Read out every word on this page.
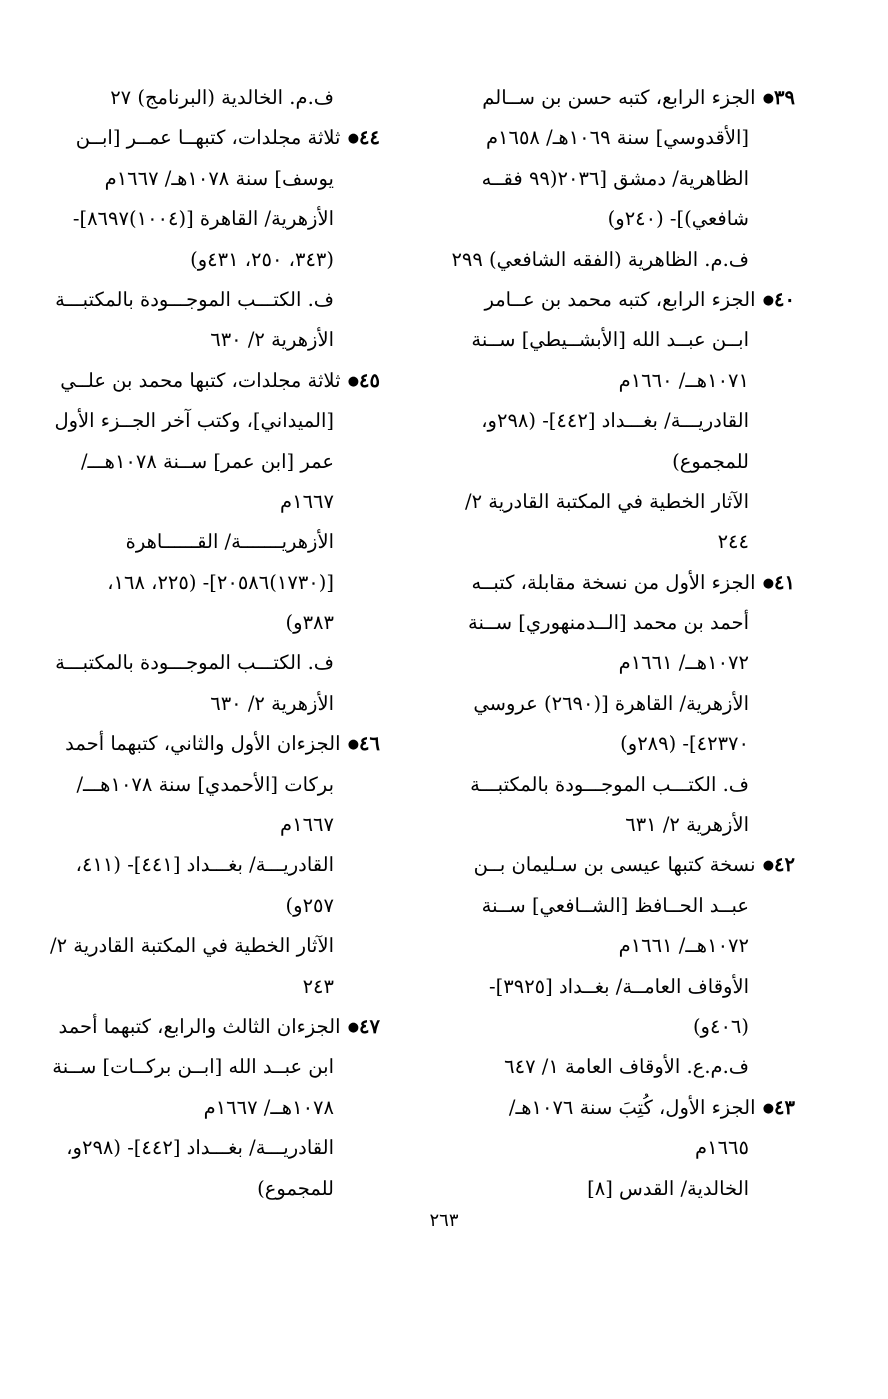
٣٩● الجزء الرابع، كتبه حسن بن ســالم
[الأقدوسي] سنة ١٠٦٩هـ/ ١٦٥٨م
الظاهرية/ دمشق [٢٠٣٦(٩٩ فقــه
شافعي)]- (٢٤٠و)
ف.م. الظاهرية (الفقه الشافعي) ٢٩٩
٤٠● الجزء الرابع، كتبه محمد بن عــامر
ابــن عبــد الله [الأبشــيطي] ســنة
١٠٧١هــ/ ١٦٦٠م
القادريـــة/ بغـــداد [٤٤٢]- (٢٩٨و،
للمجموع)
الآثار الخطية في المكتبة القادرية ٢/
٢٤٤
٤١● الجزء الأول من نسخة مقابلة، كتبــه
أحمد بن محمد [الــدمنهوري] ســنة
١٠٧٢هــ/ ١٦٦١م
الأزهرية/ القاهرة [(٢٦٩٠) عروسي
٤٢٣٧٠]- (٢٨٩و)
ف. الكتـــب الموجـــودة بالمكتبـــة
الأزهرية ٢/ ٦٣١
٤٢● نسخة كتبها عيسى بن سـليمان بــن
عبــد الحــافظ [الشــافعي] ســنة
١٠٧٢هــ/ ١٦٦١م
الأوقاف العامــة/ بغــداد [٣٩٢٥]-
(٤٠٦و)
ف.م.ع. الأوقاف العامة ١/ ٦٤٧
٤٣● الجزء الأول، كُتِبَ سنة ١٠٧٦هـ/
١٦٦٥م
الخالدية/ القدس [٨]
ف.م. الخالدية (البرنامج) ٢٧
٤٤● ثلاثة مجلدات، كتبهــا عمــر [ابــن
يوسف] سنة ١٠٧٨هـ/ ١٦٦٧م
الأزهرية/ القاهرة [(١٠٠٤)٨٦٩٧]-
(٣٤٣، ٢٥٠، ٤٣١و)
ف. الكتـــب الموجـــودة بالمكتبـــة
الأزهرية ٢/ ٦٣٠
٤٥● ثلاثة مجلدات، كتبها محمد بن علــي
[الميداني]، وكتب آخر الجــزء الأول
عمر [ابن عمر] ســنة ١٠٧٨هـــ/
١٦٦٧م
الأزهريـــــــة/ القــــــاهرة
[(١٧٣٠)٢٠٥٨٦]- (٢٢٥، ١٦٨،
٣٨٣و)
ف. الكتـــب الموجـــودة بالمكتبـــة
الأزهرية ٢/ ٦٣٠
٤٦● الجزءان الأول والثاني، كتبهما أحمد
بركات [الأحمدي] سنة ١٠٧٨هـــ/
١٦٦٧م
القادريـــة/ بغـــداد [٤٤١]- (٤١١،
٢٥٧و)
الآثار الخطية في المكتبة القادرية ٢/
٢٤٣
٤٧● الجزءان الثالث والرابع، كتبهما أحمد
ابن عبــد الله [ابــن بركــات] ســنة
١٠٧٨هــ/ ١٦٦٧م
القادريـــة/ بغـــداد [٤٤٢]- (٢٩٨و،
للمجموع)
٢٦٣
